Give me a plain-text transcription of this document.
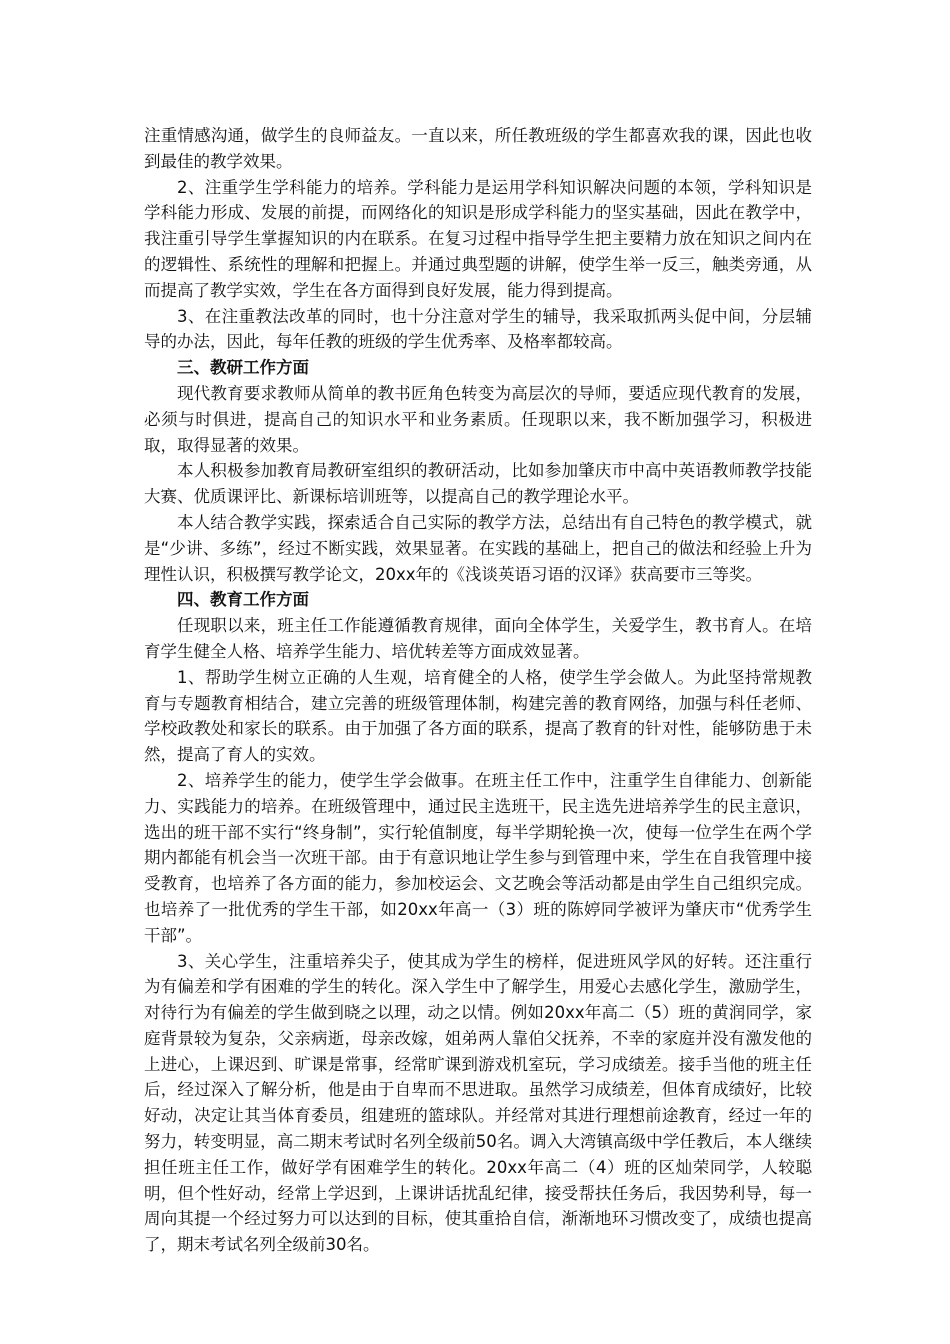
注重情感沟通，做学生的良师益友。一直以来，所任教班级的学生都喜欢我的课，因此也收到最佳的教学效果。

2、注重学生学科能力的培养。学科能力是运用学科知识解决问题的本领，学科知识是学科能力形成、发展的前提，而网络化的知识是形成学科能力的坚实基础，因此在教学中，我注重引导学生掌握知识的内在联系。在复习过程中指导学生把主要精力放在知识之间内在的逻辑性、系统性的理解和把握上。并通过典型题的讲解，使学生举一反三，触类旁通，从而提高了教学实效，学生在各方面得到良好发展，能力得到提高。

3、在注重教法改革的同时，也十分注意对学生的辅导，我采取抓两头促中间，分层辅导的办法，因此，每年任教的班级的学生优秀率、及格率都较高。

三、教研工作方面

现代教育要求教师从简单的教书匠角色转变为高层次的导师，要适应现代教育的发展，必须与时俱进，提高自己的知识水平和业务素质。任现职以来，我不断加强学习，积极进取，取得显著的效果。

本人积极参加教育局教研室组织的教研活动，比如参加肇庆市中高中英语教师教学技能大赛、优质课评比、新课标培训班等，以提高自己的教学理论水平。

本人结合教学实践，探索适合自己实际的教学方法，总结出有自己特色的教学模式，就是“少讲、多练”，经过不断实践，效果显著。在实践的基础上，把自己的做法和经验上升为理性认识，积极撰写教学论文，20xx年的《浅谈英语习语的汉译》获高要市三等奖。

四、教育工作方面

任现职以来，班主任工作能遵循教育规律，面向全体学生，关爱学生，教书育人。在培育学生健全人格、培养学生能力、培优转差等方面成效显著。

1、帮助学生树立正确的人生观，培育健全的人格，使学生学会做人。为此坚持常规教育与专题教育相结合，建立完善的班级管理体制，构建完善的教育网络，加强与科任老师、学校政教处和家长的联系。由于加强了各方面的联系，提高了教育的针对性，能够防患于未然，提高了育人的实效。

2、培养学生的能力，使学生学会做事。在班主任工作中，注重学生自律能力、创新能力、实践能力的培养。在班级管理中，通过民主选班干，民主选先进培养学生的民主意识，选出的班干部不实行“终身制”，实行轮值制度，每半学期轮换一次，使每一位学生在两个学期内都能有机会当一次班干部。由于有意识地让学生参与到管理中来，学生在自我管理中接受教育，也培养了各方面的能力，参加校运会、文艺晚会等活动都是由学生自己组织完成。也培养了一批优秀的学生干部，如20xx年高一（3）班的陈婷同学被评为肇庆市“优秀学生干部”。

3、关心学生，注重培养尖子，使其成为学生的榜样，促进班风学风的好转。还注重行为有偏差和学有困难的学生的转化。深入学生中了解学生，用爱心去感化学生，激励学生，对待行为有偏差的学生做到晓之以理，动之以情。例如20xx年高二（5）班的黄润同学，家庭背景较为复杂，父亲病逝，母亲改嫁，姐弟两人靠伯父抚养，不幸的家庭并没有激发他的上进心，上课迟到、旷课是常事，经常旷课到游戏机室玩，学习成绩差。接手当他的班主任后，经过深入了解分析，他是由于自卑而不思进取。虽然学习成绩差，但体育成绩好，比较好动，决定让其当体育委员，组建班的篮球队。并经常对其进行理想前途教育，经过一年的努力，转变明显，高二期末考试时名列全级前50名。调入大湾镇高级中学任教后，本人继续担任班主任工作，做好学有困难学生的转化。20xx年高二（4）班的区灿荣同学，人较聪明，但个性好动，经常上学迟到，上课讲话扰乱纪律，接受帮扶任务后，我因势利导，每一周向其提一个经过努力可以达到的目标，使其重拾自信，渐渐地环习惯改变了，成绩也提高了，期末考试名列全级前30名。
